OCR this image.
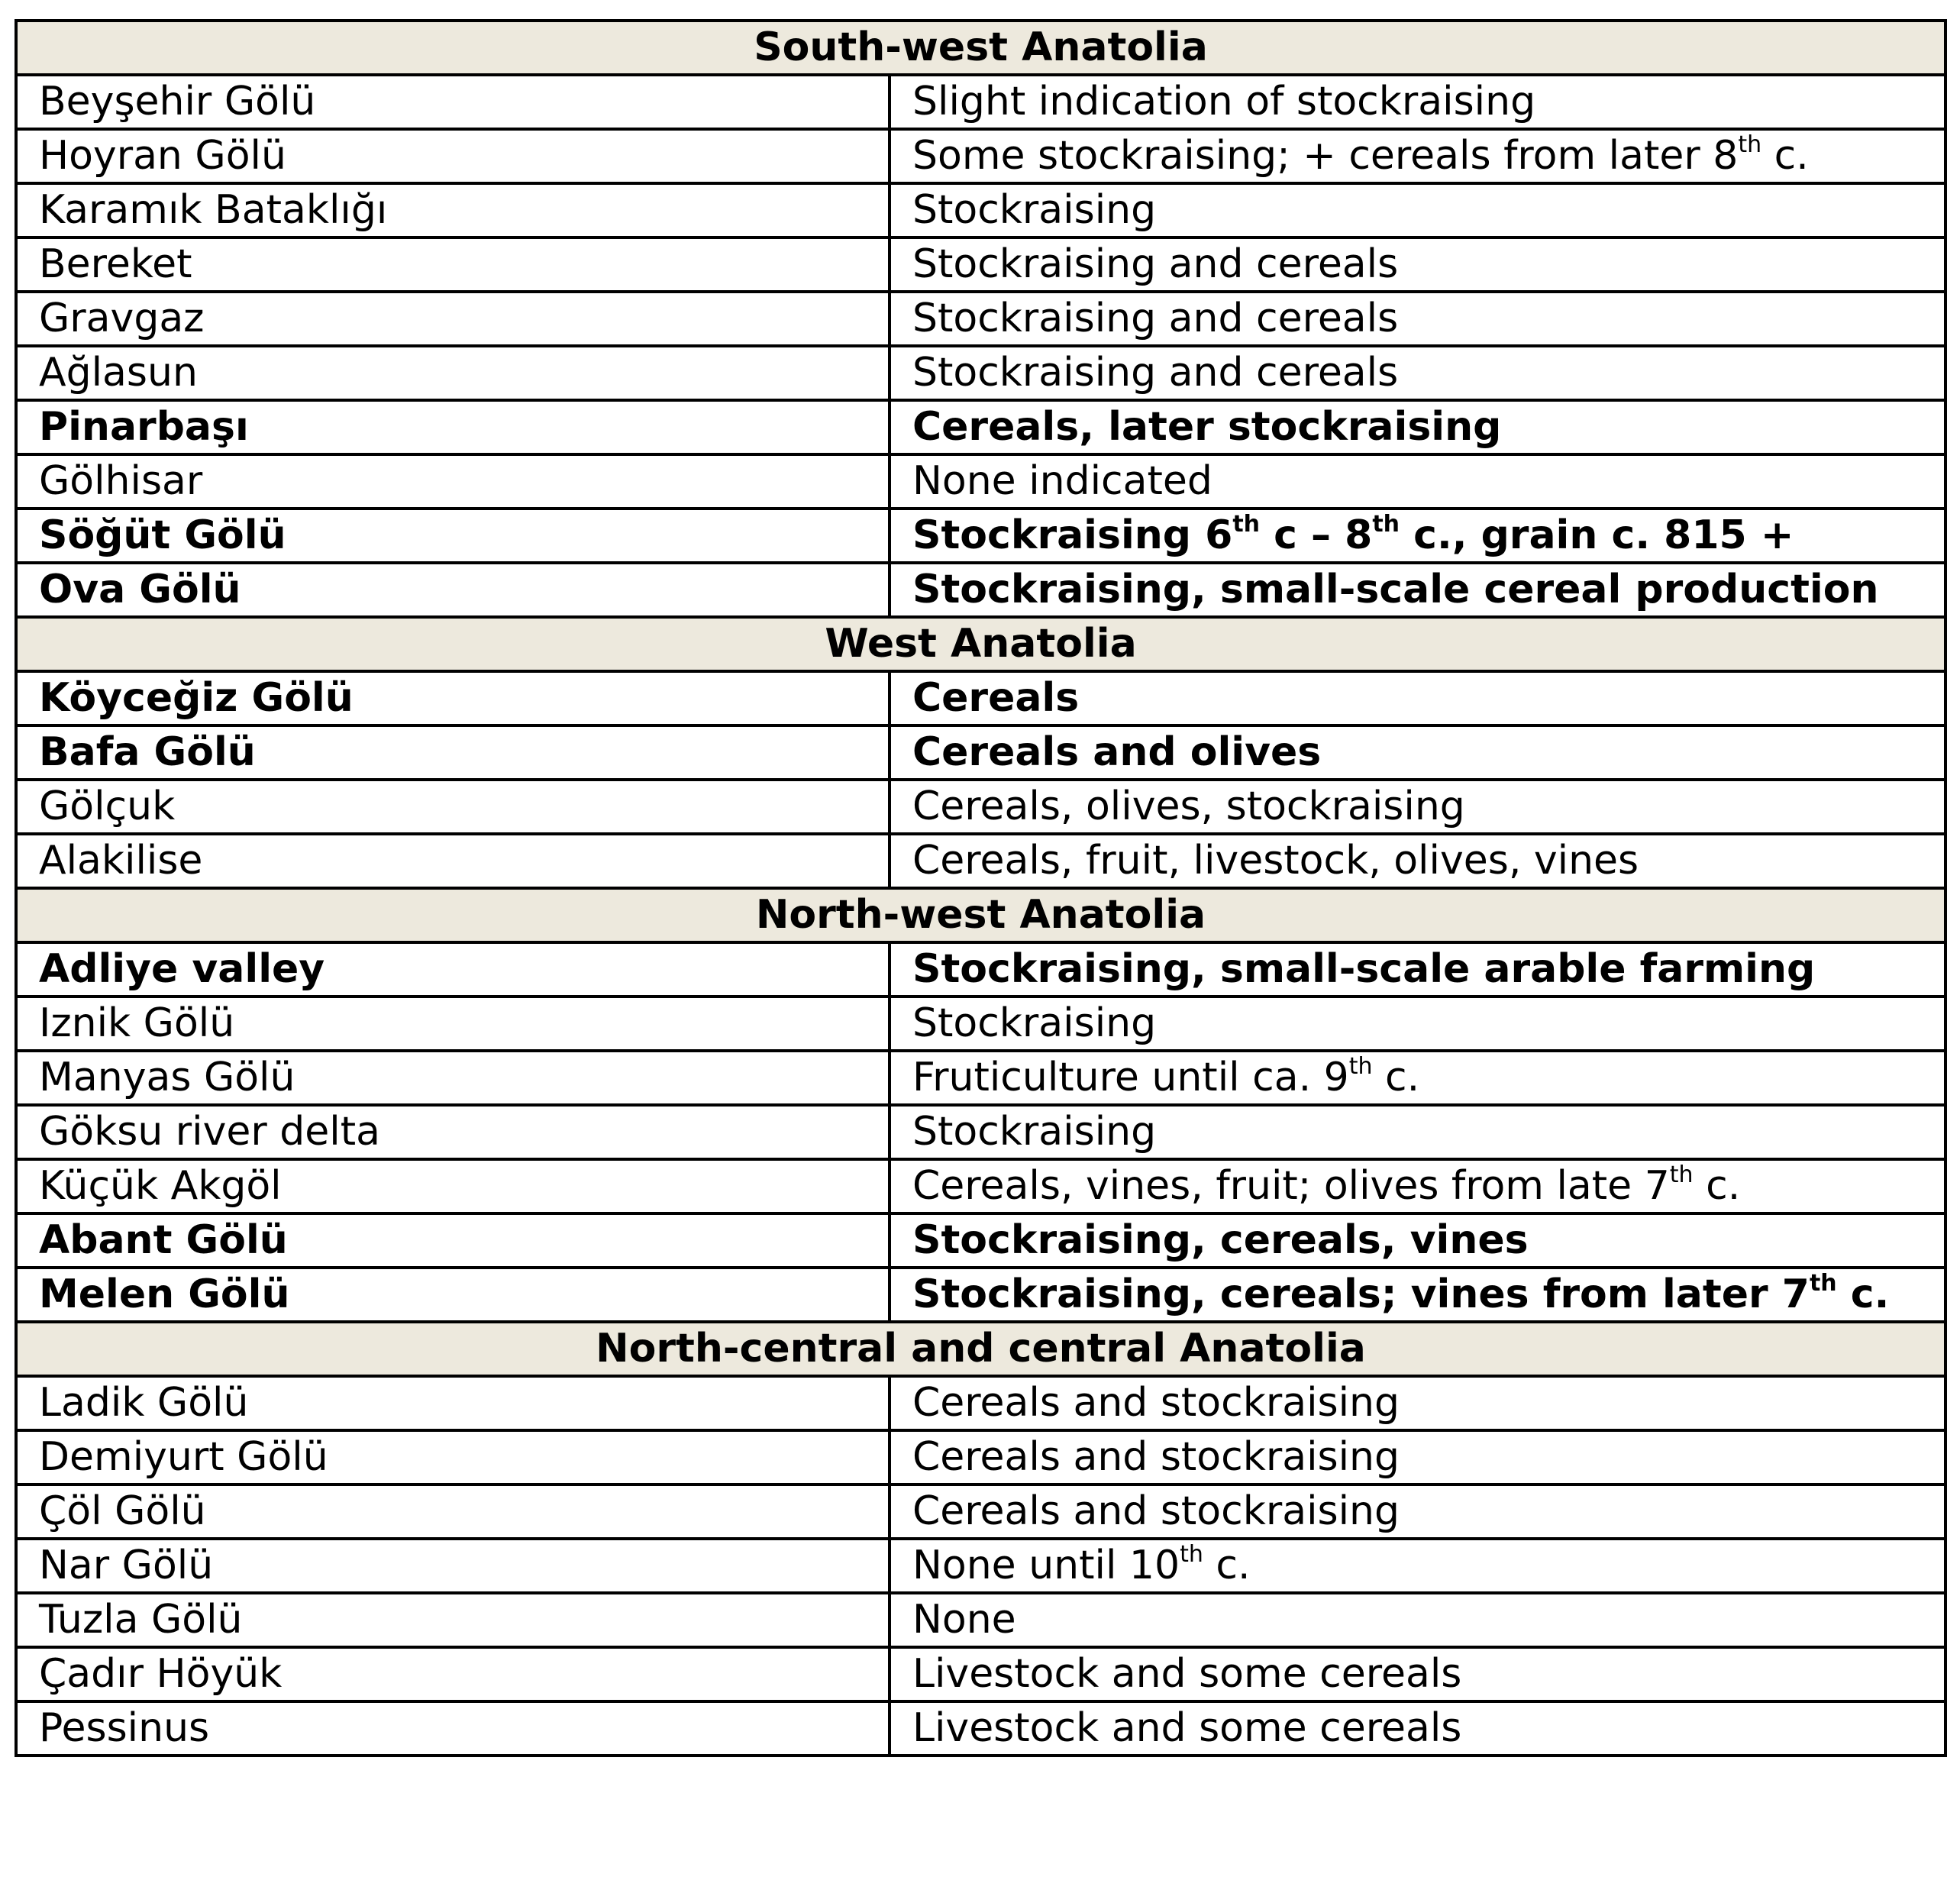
South-west Anatolia	
Beyşehir Gölü	Slight indication of stockraising
Hoyran Gölü	Some stockraising; + cereals from later 8th c.
Karamık Bataklığı	Stockraising
Bereket	Stockraising and cereals
Gravgaz	Stockraising and cereals
Ağlasun	Stockraising and cereals
Pinarbaşı	Cereals, later stockraising
Gölhisar	None indicated
Söğüt Gölü	Stockraising 6th c – 8th c., grain c. 815 +
Ova Gölü	Stockraising, small-scale cereal production
West Anatolia	
Köyceğiz Gölü	Cereals
Bafa Gölü	Cereals and olives
Gölçuk	Cereals, olives, stockraising
Alakilise	Cereals, fruit, livestock, olives, vines
North-west Anatolia	
Adliye valley	Stockraising, small-scale arable farming
Iznik Gölü	Stockraising
Manyas Gölü	Fruticulture until ca. 9th c.
Göksu river delta	Stockraising
Küçük Akgöl	Cereals, vines, fruit; olives from late 7th c.
Abant Gölü	Stockraising, cereals, vines
Melen Gölü	Stockraising, cereals; vines from later 7th c.
North-central and central Anatolia	
Ladik Gölü	Cereals and stockraising
Demiyurt Gölü	Cereals and stockraising
Çöl Gölü	Cereals and stockraising
Nar Gölü	None until 10th c.
Tuzla Gölü	None
Çadır Höyük	Livestock and some cereals
Pessinus	Livestock and some cereals
